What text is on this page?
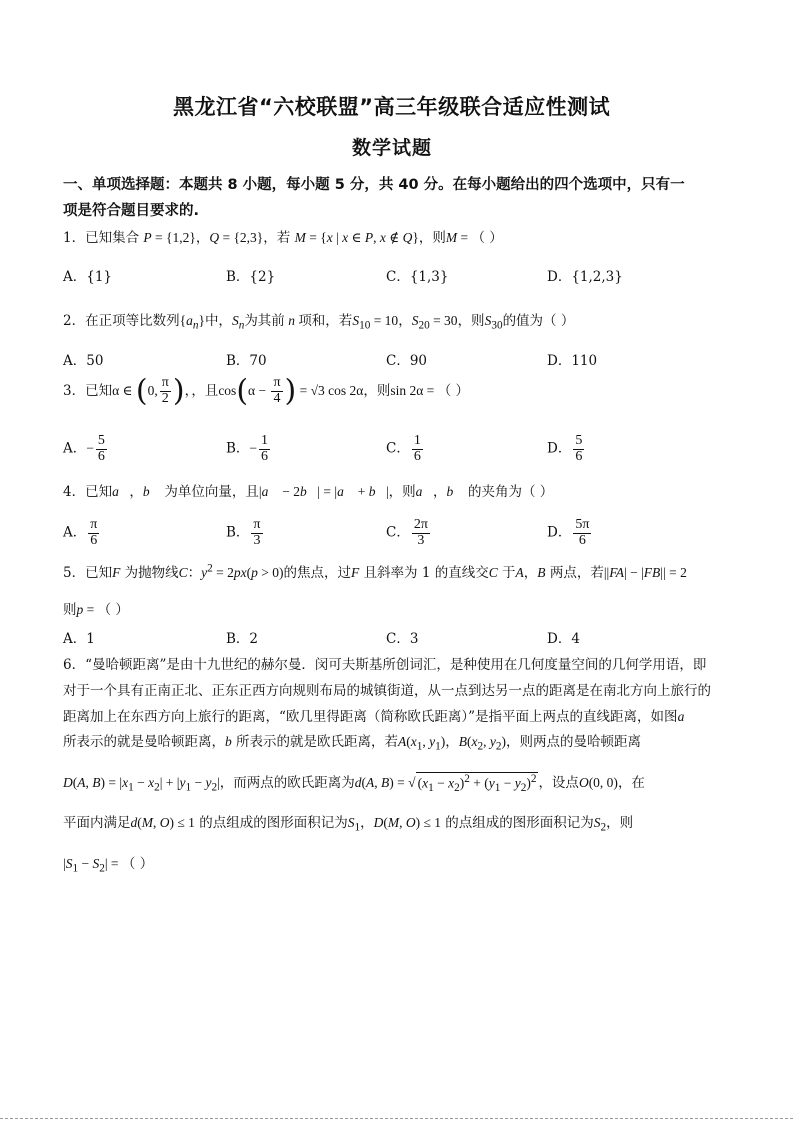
黑龙江省“六校联盟”高三年级联合适应性测试
数学试题
一、单项选择题：本题共 8 小题，每小题 5 分，共 40 分。在每小题给出的四个选项中，只有一
项是符合题目要求的.
1．已知集合 P = {1,2}，Q = {2,3}，若 M = {x | x ∈ P, x ∉ Q}，则M = （ ）
A．{1}	B．{2}	C．{1,3}	D．{1,2,3}
2．在正项等比数列$\{a_n\}$中，$S_n$为其前 n 项和，若$S_{10} = 10$，$S_{20} = 30$，则$S_{30}$的值为（ ）
A．50	B．70	C．90	D．110
3．已知α ∈ (0, $\frac{\pi}{2}$ )，，且$\cos(\alpha - \frac{\pi}{4}$ ) = √3 cos 2α，则sin 2α = （ ）
A．− $\frac{5}{6}$	B．− $\frac{1}{6}$	C． $\frac{1}{6}$	D． $\frac{5}{6}$
4．已知a⃗，b⃗ 为单位向量，且|a⃗ − 2b⃗| = |a⃗ + b⃗|，则a⃗，b⃗ 的夹角为（ ）
A． $\frac{\pi}{6}$	B． $\frac{\pi}{3}$	C． $\frac{2\pi}{3}$	D． $\frac{5\pi}{6}$
5．已知F 为抛物线C：$y^2 = 2px(p > 0)$的焦点，过F 且斜率为 1 的直线交C 于A，B 两点，若||FA| − |FB|| = 2
则p = （ ）
A．1	B．2	C．3	D．4
6．“曼哈顿距离”是由十九世纪的赫尔曼．闵可夫斯基所创词汇，是种使用在几何度量空间的几何学用语，即
对于一个具有正南正北、正东正西方向规则布局的城镇街道，从一点到达另一点的距离是在南北方向上旅行的
距离加上在东西方向上旅行的距离，“欧几里得距离（简称欧氏距离）”是指平面上两点的直线距离，如图a
所表示的就是曼哈顿距离，b 所表示的就是欧氏距离，若$A(x_1$, $y_1$)，$B(x_2$, $y_2$)，则两点的曼哈顿距离
D(A, $B) = |x_1 - x_2| + |y_1 - y_2|$，而两点的欧氏距离为d(A, B) = √ $(x_1 - x_2)^2 + (y_1 - y_2)^2$ ，设点O(0, 0)，在
平面内满足d(M, O) ≤ 1 的点组成的图形面积记为$S_1$，D(M, O) ≤ 1 的点组成的图形面积记为$S_2$，则
$|S_1 - S_2|$ = （ ）
